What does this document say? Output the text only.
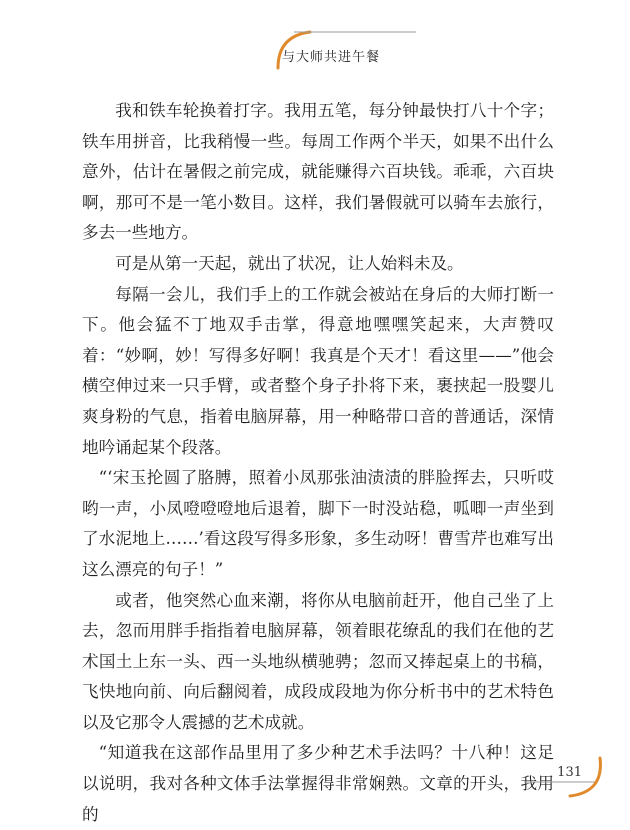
与大师共进午餐

我和铁车轮换着打字。我用五笔，每分钟最快打八十个字；铁车用拼音，比我稍慢一些。每周工作两个半天，如果不出什么意外，估计在暑假之前完成，就能赚得六百块钱。乖乖，六百块啊，那可不是一笔小数目。这样，我们暑假就可以骑车去旅行，多去一些地方。

可是从第一天起，就出了状况，让人始料未及。

每隔一会儿，我们手上的工作就会被站在身后的大师打断一下。他会猛不丁地双手击掌，得意地嘿嘿笑起来，大声赞叹着：“妙啊，妙！写得多好啊！我真是个天才！看这里——”他会横空伸过来一只手臂，或者整个身子扑将下来，裹挟起一股婴儿爽身粉的气息，指着电脑屏幕，用一种略带口音的普通话，深情地吟诵起某个段落。

“‘宋玉抡圆了胳膊，照着小凤那张油渍渍的胖脸挥去，只听哎哟一声，小凤噔噔噔地后退着，脚下一时没站稳，呱唧一声坐到了水泥地上……’看这段写得多形象，多生动呀！曹雪芹也难写出这么漂亮的句子！”

或者，他突然心血来潮，将你从电脑前赶开，他自己坐了上去，忽而用胖手指指着电脑屏幕，领着眼花缭乱的我们在他的艺术国土上东一头、西一头地纵横驰骋；忽而又捧起桌上的书稿，飞快地向前、向后翻阅着，成段成段地为你分析书中的艺术特色以及它那令人震撼的艺术成就。

“知道我在这部作品里用了多少种艺术手法吗？十八种！这足以说明，我对各种文体手法掌握得非常娴熟。文章的开头，我用的

131
